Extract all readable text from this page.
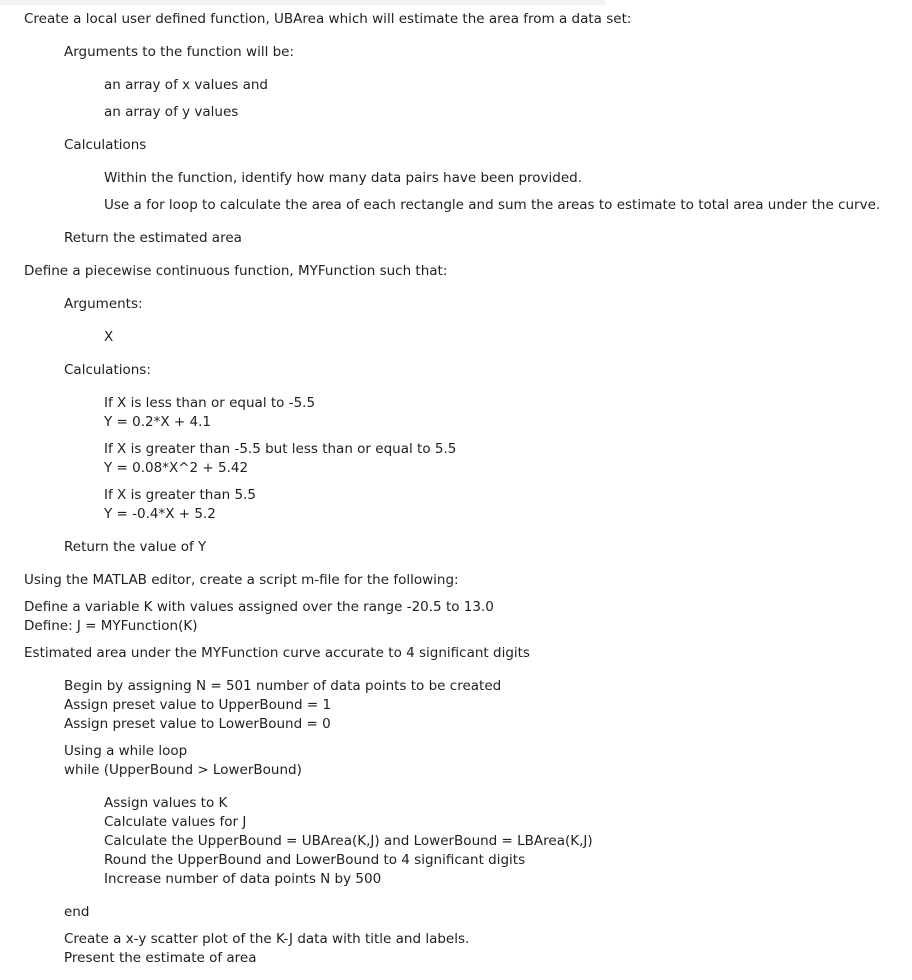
Create a local user defined function, UBArea which will estimate the area from a data set:
Arguments to the function will be:
an array of x values and
an array of y values
Calculations
Within the function, identify how many data pairs have been provided.
Use a for loop to calculate the area of each rectangle and sum the areas to estimate to total area under the curve.
Return the estimated area
Define a piecewise continuous function, MYFunction such that:
Arguments:
X
Calculations:
If X is less than or equal to -5.5
Y = 0.2*X + 4.1
If X is greater than -5.5 but less than or equal to 5.5
Y = 0.08*X^2 + 5.42
If X is greater than 5.5
Y = -0.4*X + 5.2
Return the value of Y
Using the MATLAB editor, create a script m-file for the following:
Define a variable K with values assigned over the range -20.5 to 13.0
Define: J = MYFunction(K)
Estimated area under the MYFunction curve accurate to 4 significant digits
Begin by assigning N = 501 number of data points to be created
Assign preset value to UpperBound = 1
Assign preset value to LowerBound = 0
Using a while loop
while (UpperBound > LowerBound)
Assign values to K
Calculate values for J
Calculate the UpperBound = UBArea(K,J) and LowerBound = LBArea(K,J)
Round the UpperBound and LowerBound to 4 significant digits
Increase number of data points N by 500
end
Create a x-y scatter plot of the K-J data with title and labels.
Present the estimate of area
